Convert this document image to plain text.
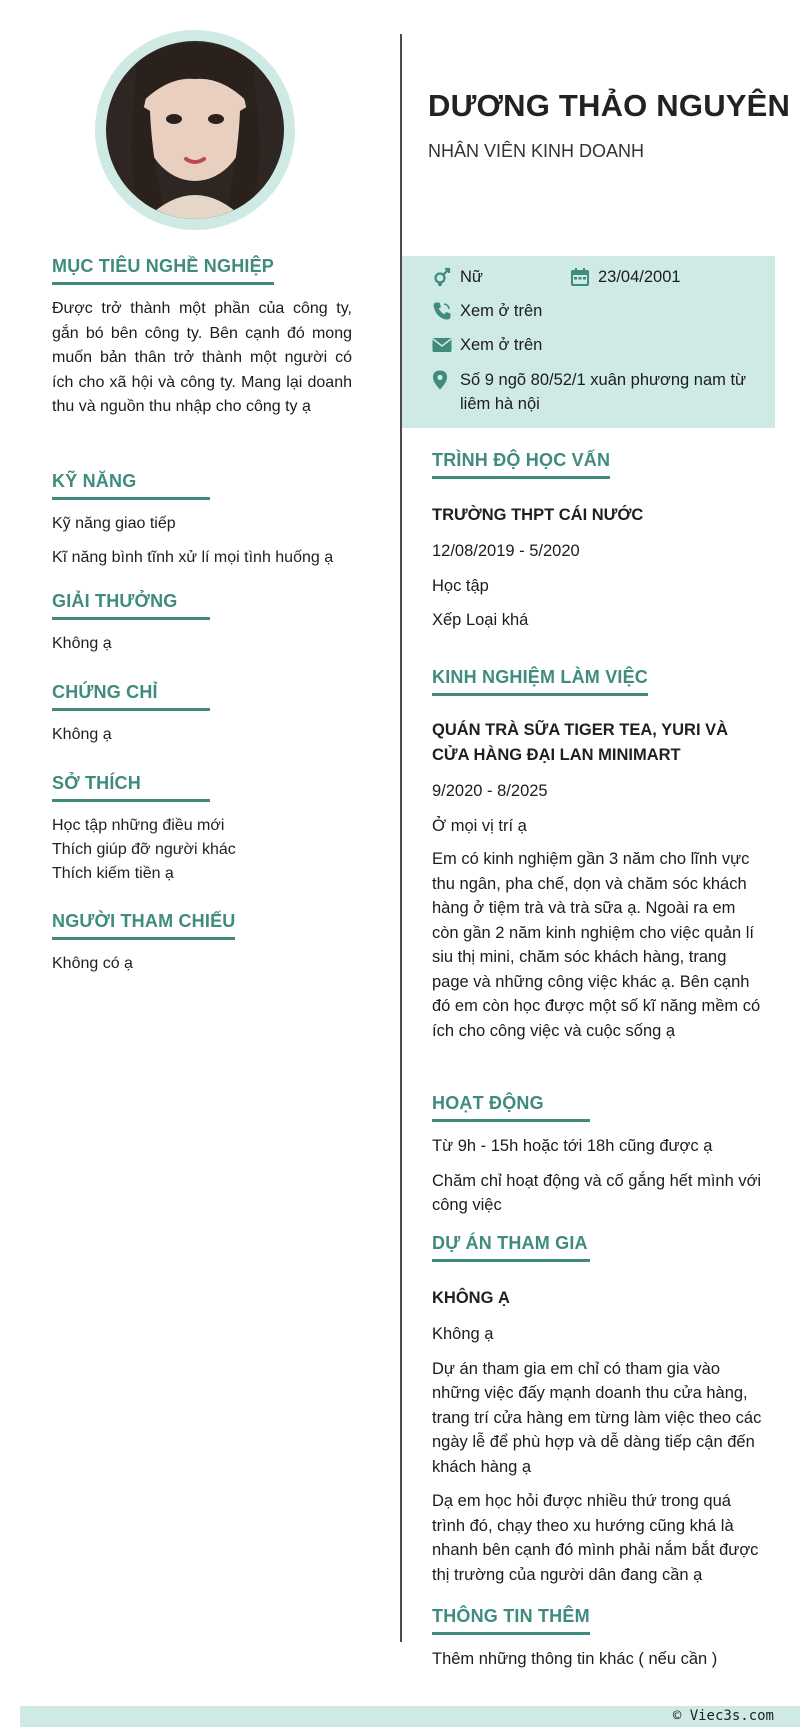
MỤC TIÊU NGHỀ NGHIỆP
Được trở thành một phần của công ty, gắn bó bên công ty. Bên cạnh đó mong muốn bản thân trở thành một người có ích cho xã hội và công ty. Mang lại doanh thu và nguồn thu nhập cho công ty ạ
KỸ NĂNG
Kỹ năng giao tiếp
Kĩ năng bình tĩnh xử lí mọi tình huống ạ
GIẢI THƯỞNG
Không ạ
CHỨNG CHỈ
Không ạ
SỞ THÍCH
Học tập những điều mới
Thích giúp đỡ người khác
Thích kiếm tiền ạ
NGƯỜI THAM CHIẾU
Không có ạ
DƯƠNG THẢO NGUYÊN
NHÂN VIÊN KINH DOANH
Nữ	23/04/2001
Xem ở trên
Xem ở trên
Số 9 ngõ 80/52/1 xuân phương nam từ liêm hà nội
TRÌNH ĐỘ HỌC VẤN
TRƯỜNG THPT CÁI NƯỚC
12/08/2019 - 5/2020
Học tập
Xếp Loại khá
KINH NGHIỆM LÀM VIỆC
QUÁN TRÀ SỮA TIGER TEA, YURI VÀ CỬA HÀNG ĐẠI LAN MINIMART
9/2020 - 8/2025
Ở mọi vị trí ạ
Em có kinh nghiệm gần 3 năm cho lĩnh vực thu ngân, pha chế, dọn và chăm sóc khách hàng ở tiệm trà và trà sữa ạ. Ngoài ra em còn gần 2 năm kinh nghiệm cho việc quản lí siu thị mini, chăm sóc khách hàng, trang page và những công việc khác ạ. Bên cạnh đó em còn học được một số kĩ năng mềm có ích cho công việc và cuộc sống ạ
HOẠT ĐỘNG
Từ 9h - 15h hoặc tới 18h cũng được ạ
Chăm chỉ hoạt động và cố gắng hết mình với công việc
DỰ ÁN THAM GIA
KHÔNG Ạ
Không ạ
Dự án tham gia em chỉ có tham gia vào những việc đấy mạnh doanh thu cửa hàng, trang trí cửa hàng em từng làm việc theo các ngày lễ để phù hợp và dễ dàng tiếp cận đến khách hàng ạ
Dạ em học hỏi được nhiều thứ trong quá trình đó, chạy theo xu hướng cũng khá là nhanh bên cạnh đó mình phải nắm bắt được thị trường của người dân đang cần ạ
THÔNG TIN THÊM
Thêm những thông tin khác ( nếu cần )
© Viec3s.com
